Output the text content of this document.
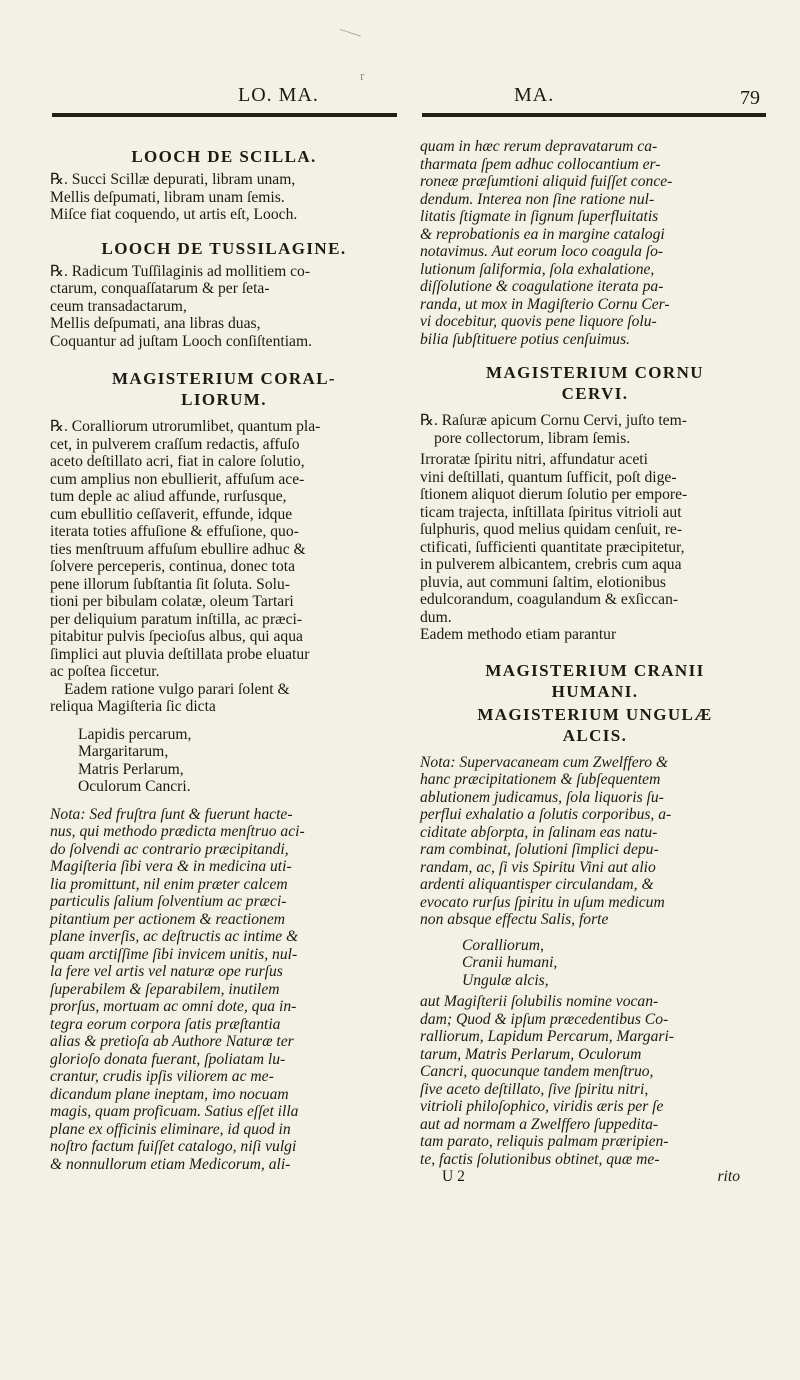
r
LO. MA.	MA.	79
LOOCH DE SCILLA.

℞. Succi Scillæ depurati, libram unam,

Mellis deſpumati, libram unam ſemis.

Miſce fiat coquendo, ut artis eſt, Looch.

LOOCH DE TUSSILAGINE.

℞. Radicum Tuſſilaginis ad mollitiem co-

ctarum, conquaſſatarum & per ſeta-

ceum transadactarum,

Mellis deſpumati, ana libras duas,

Coquantur ad juſtam Looch conſiſtentiam.

MAGISTERIUM CORAL-
LIORUM.

℞. Coralliorum utrorumlibet, quantum pla-

cet, in pulverem craſſum redactis, affuſo

aceto deſtillato acri, fiat in calore ſolutio,

cum amplius non ebullierit, affuſum ace-

tum deple ac aliud affunde, rurſusque,

cum ebullitio ceſſaverit, effunde, idque

iterata toties affuſione & effuſione, quo-

ties menſtruum affuſum ebullire adhuc &

ſolvere perceperis, continua, donec tota

pene illorum ſubſtantia ſit ſoluta. Solu-

tioni per bibulam colatæ, oleum Tartari

per deliquium paratum inſtilla, ac præci-

pitabitur pulvis ſpecioſus albus, qui aqua

ſimplici aut pluvia deſtillata probe eluatur

ac poſtea ſiccetur.

Eadem ratione vulgo parari ſolent &

reliqua Magiſteria ſic dicta

Lapidis percarum,

Margaritarum,

Matris Perlarum,

Oculorum Cancri.

Nota: Sed fruſtra ſunt & fuerunt hacte-

nus, qui methodo prædicta menſtruo aci-

do ſolvendi ac contrario præcipitandi,

Magiſteria ſibi vera & in medicina uti-

lia promittunt, nil enim præter calcem

particulis ſalium ſolventium ac præci-

pitantium per actionem & reactionem

plane inverſis, ac deſtructis ac intime &

quam arctiſſime ſibi invicem unitis, nul-

la fere vel artis vel naturæ ope rurſus

ſuperabilem & ſeparabilem, inutilem

prorſus, mortuam ac omni dote, qua in-

tegra eorum corpora ſatis præſtantia

alias & pretioſa ab Authore Naturæ ter

glorioſo donata fuerant, ſpoliatam lu-

crantur, crudis ipſis viliorem ac me-

dicandum plane ineptam, imo nocuam

magis, quam proficuam. Satius eſſet illa

plane ex officinis eliminare, id quod in

noſtro factum fuiſſet catalogo, niſi vulgi

& nonnullorum etiam Medicorum, ali-

quam in hæc rerum depravatarum ca-

tharmata ſpem adhuc collocantium er-

roneæ præſumtioni aliquid fuiſſet conce-

dendum. Interea non ſine ratione nul-

litatis ſtigmate in ſignum ſuperfluitatis

& reprobationis ea in margine catalogi

notavimus. Aut eorum loco coagula ſo-

lutionum ſaliformia, ſola exhalatione,

diſſolutione & coagulatione iterata pa-

randa, ut mox in Magiſterio Cornu Cer-

vi docebitur, quovis pene liquore ſolu-

bilia ſubſtituere potius cenſuimus.

MAGISTERIUM CORNU
CERVI.

℞. Raſuræ apicum Cornu Cervi, juſto tem-

pore collectorum, libram ſemis.

Irroratæ ſpiritu nitri, affundatur aceti

vini deſtillati, quantum ſufficit, poſt dige-

ſtionem aliquot dierum ſolutio per empore-

ticam trajecta, inſtillata ſpiritus vitrioli aut

ſulphuris, quod melius quidam cenſuit, re-

ctificati, ſufficienti quantitate præcipitetur,

in pulverem albicantem, crebris cum aqua

pluvia, aut communi ſaltim, elotionibus

edulcorandum, coagulandum & exſiccan-

dum.

Eadem methodo etiam parantur

MAGISTERIUM CRANII
HUMANI.
MAGISTERIUM UNGULÆ
ALCIS.

Nota: Supervacaneam cum Zwelffero &

hanc præcipitationem & ſubſequentem

ablutionem judicamus, ſola liquoris ſu-

perflui exhalatio a ſolutis corporibus, a-

ciditate abſorpta, in ſalinam eas natu-

ram combinat, ſolutioni ſimplici depu-

randam, ac, ſi vis Spiritu Vini aut alio

ardenti aliquantisper circulandam, &

evocato rurſus ſpiritu in uſum medicum

non absque effectu Salis, forte

Coralliorum,

Cranii humani,

Ungulæ alcis,

aut Magiſterii ſolubilis nomine vocan-

dam; Quod & ipſum præcedentibus Co-

ralliorum, Lapidum Percarum, Margari-

tarum, Matris Perlarum, Oculorum

Cancri, quocunque tandem menſtruo,

ſive aceto deſtillato, ſive ſpiritu nitri,

vitrioli philoſophico, viridis æris per ſe

aut ad normam a Zwelffero ſuppedita-

tam parato, reliquis palmam præripien-

te, factis ſolutionibus obtinet, quæ me-

U 2	rito
